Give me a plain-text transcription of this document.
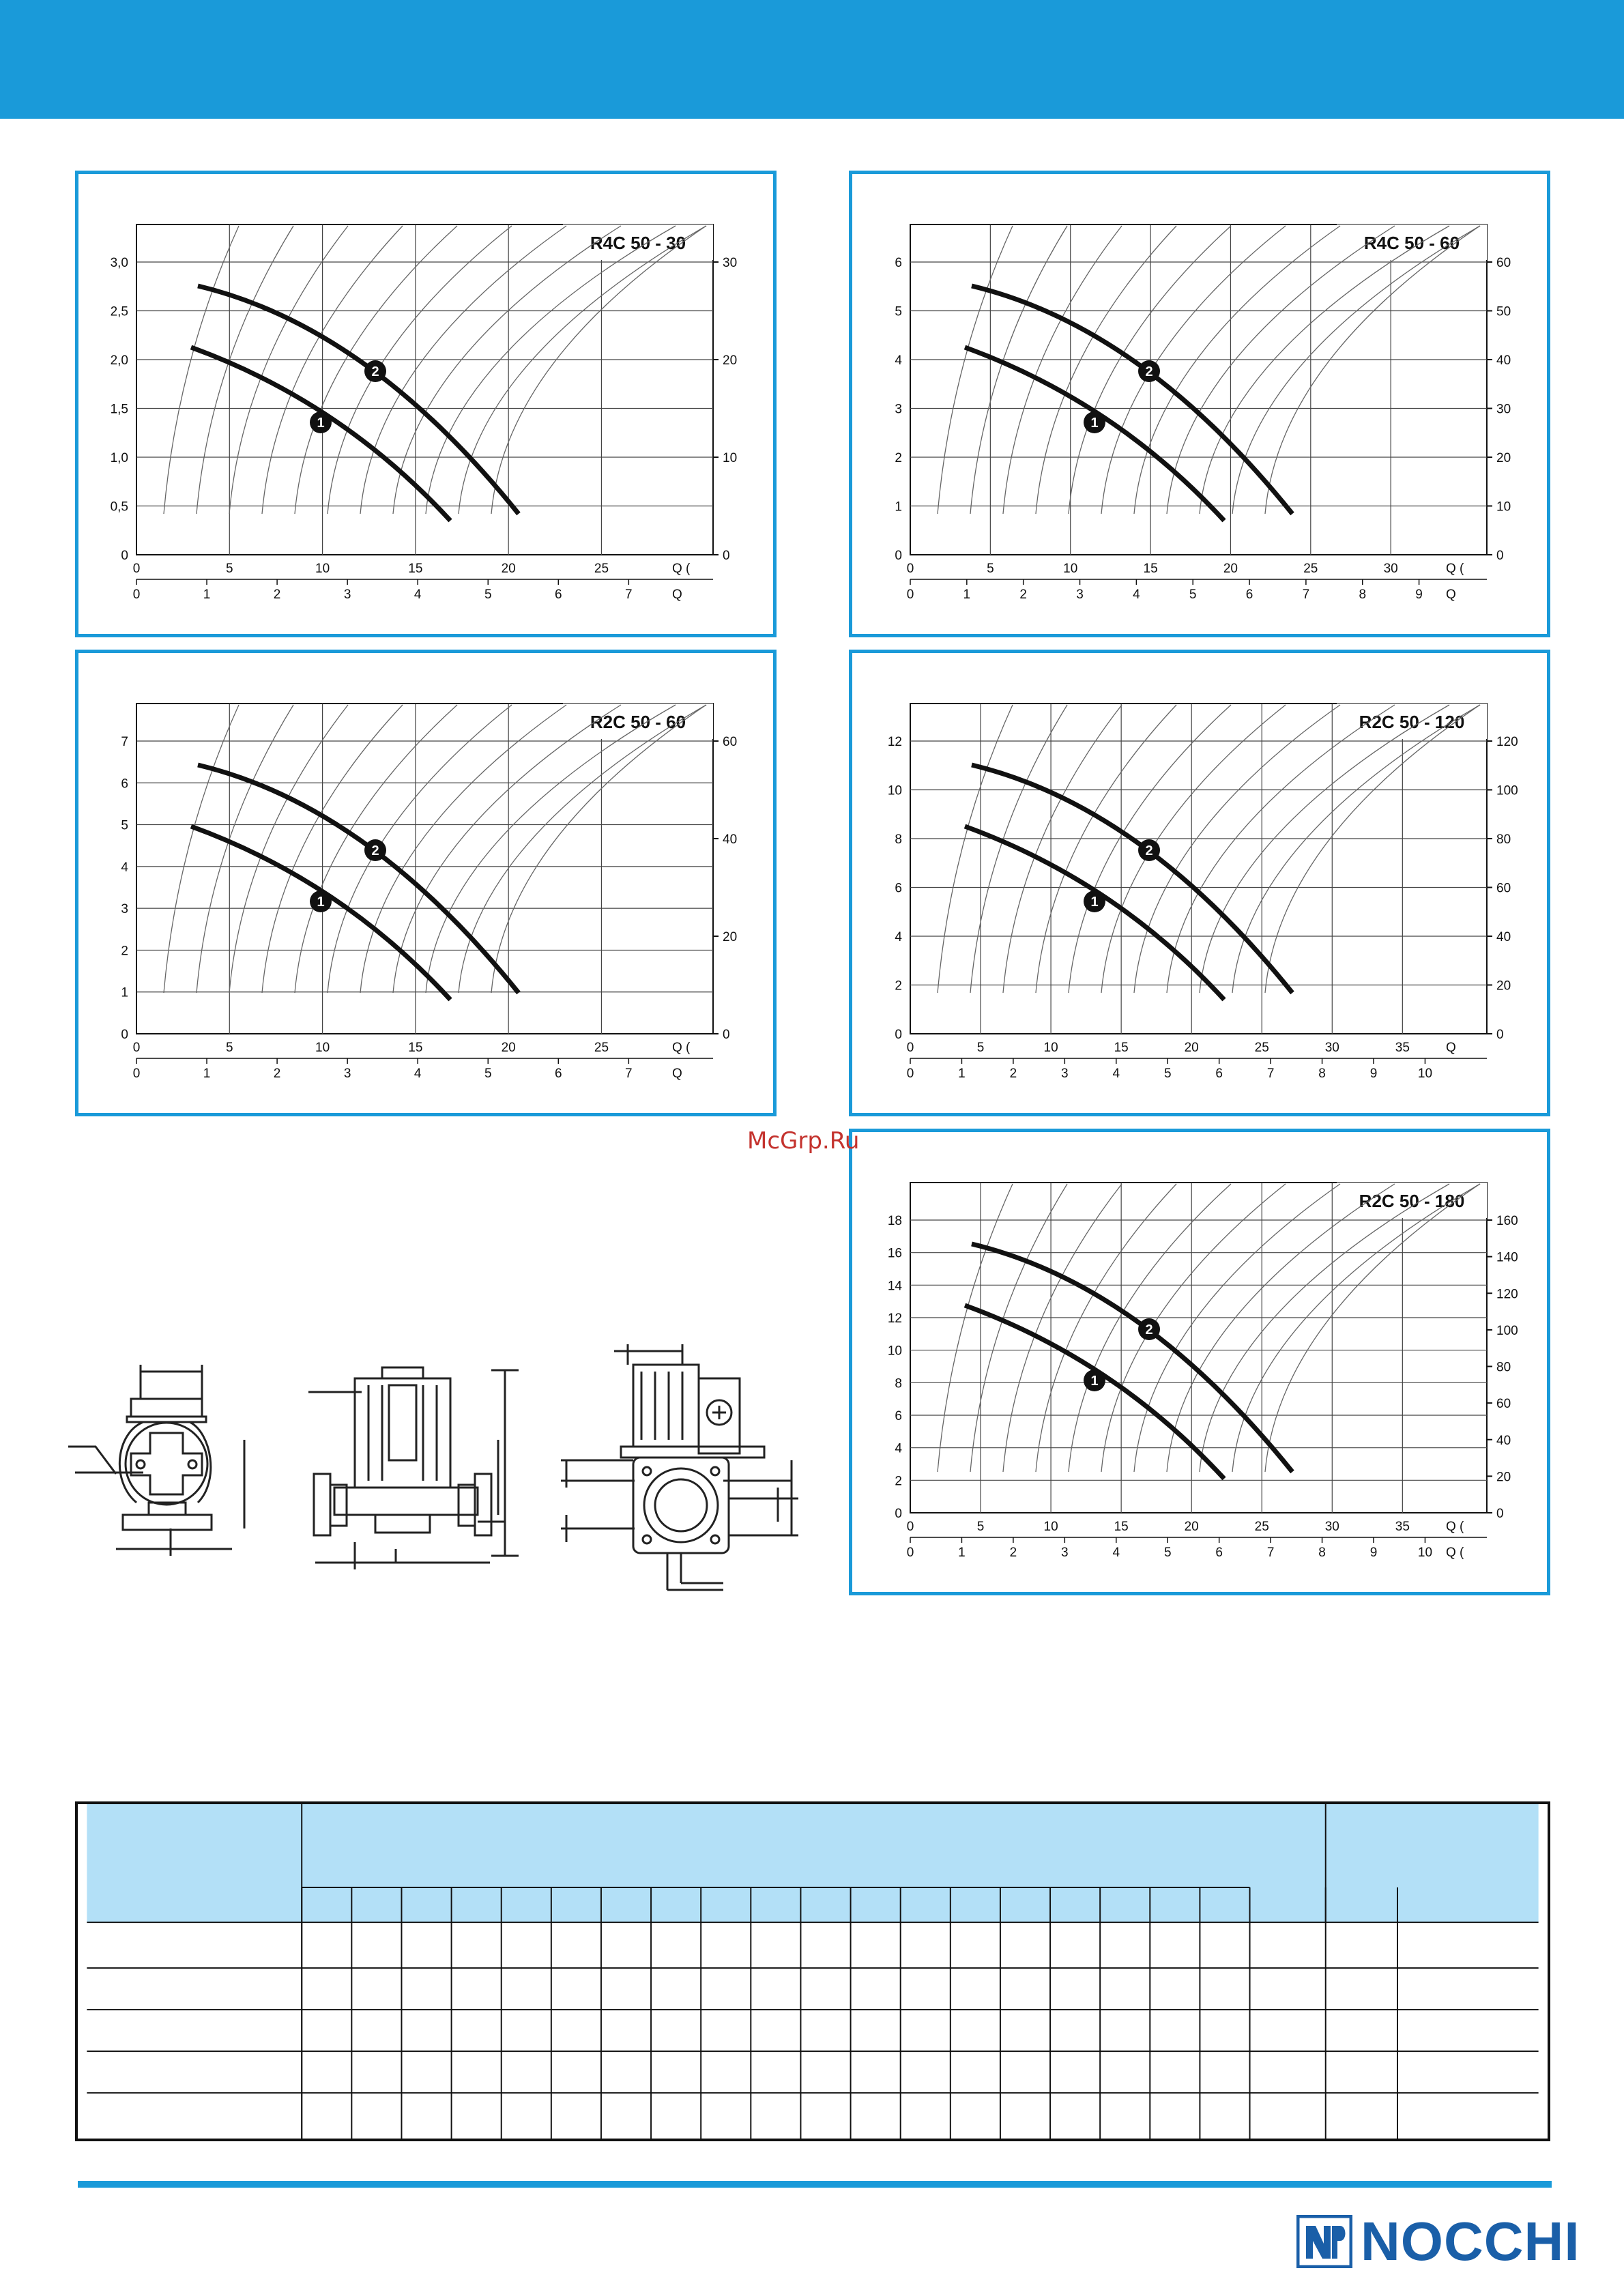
3,0
2,5
2,0
1,5
1,0
0,5
0
30
20
10
0
0	5	10	15	20	25
0	1	2	3	4	5	6	7
Q (
Q
R4C 50 - 30
1
2
6
5
4
3
2
1
0
60
50
40
30
20
10
0
0	5	10	15	20	25	30
0	1	2	3	4	5	6	7	8	9
Q (
Q
R4C 50 - 60
1
2
7
6
5
4
3
2
1
0
60
40
20
0
0	5	10	15	20	25
0	1	2	3	4	5	6	7
Q (
Q
R2C 50 - 60
1
2
12
10
8
6
4
2
0
120
100
80
60
40
20
0
0	5	10	15	20	25	30	35
0	1	2	3	4	5	6	7	8	9	10
Q
R2C 50 - 120
1
2
18
16
14
12
10
8
6
4
2
0
160
140
120
100
80
60
40
20
0
0	5	10	15	20	25	30	35
0	1	2	3	4	5	6	7	8	9	10
Q (
Q (
R2C 50 - 180
1
2
McGrp.Ru
NOCCHI
